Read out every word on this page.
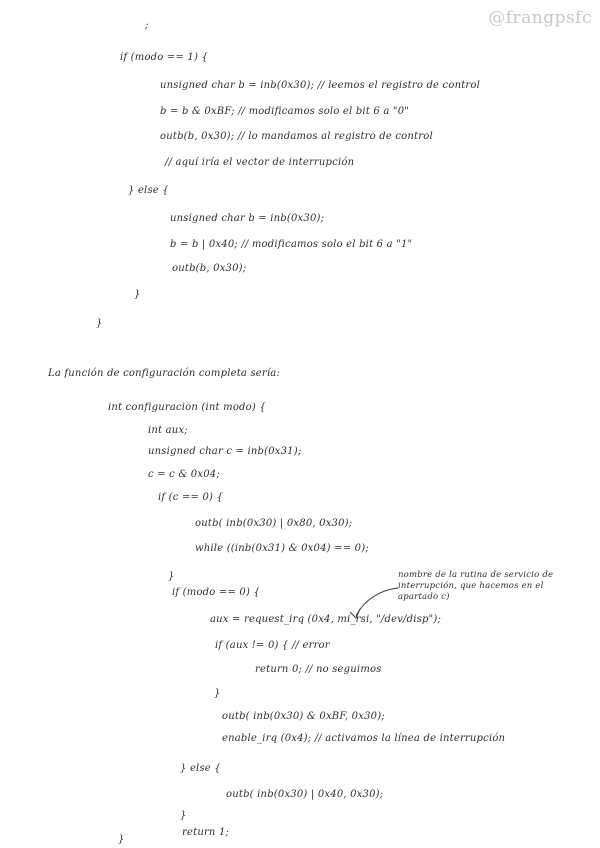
@frangpsfc
;
if (modo == 1) {
unsigned char b = inb(0x30); // leemos el registro de control
b = b & 0xBF; // modificamos solo el bit 6 a "0"
outb(b, 0x30); // lo mandamos al registro de control
// aquí iría el vector de interrupción
} else {
unsigned char b = inb(0x30);
b = b | 0x40; // modificamos solo el bit 6 a "1"
outb(b, 0x30);
}
}
La función de configuración completa sería:
int configuracion (int modo) {
int aux;
unsigned char c = inb(0x31);
c = c & 0x04;
if (c == 0) {
outb( inb(0x30) | 0x80, 0x30);
while ((inb(0x31) & 0x04) == 0);
}
if (modo == 0) {
aux = request_irq (0x4, mi_rsi, "/dev/disp");
if (aux != 0) { // error
return 0; // no seguimos
}
outb( inb(0x30) & 0xBF, 0x30);
enable_irq (0x4); // activamos la línea de interrupción
} else {
outb( inb(0x30) | 0x40, 0x30);
}
return 1;
}
nombre de la rutina de servicio de interrupción, que hacemos en el apartado c)
